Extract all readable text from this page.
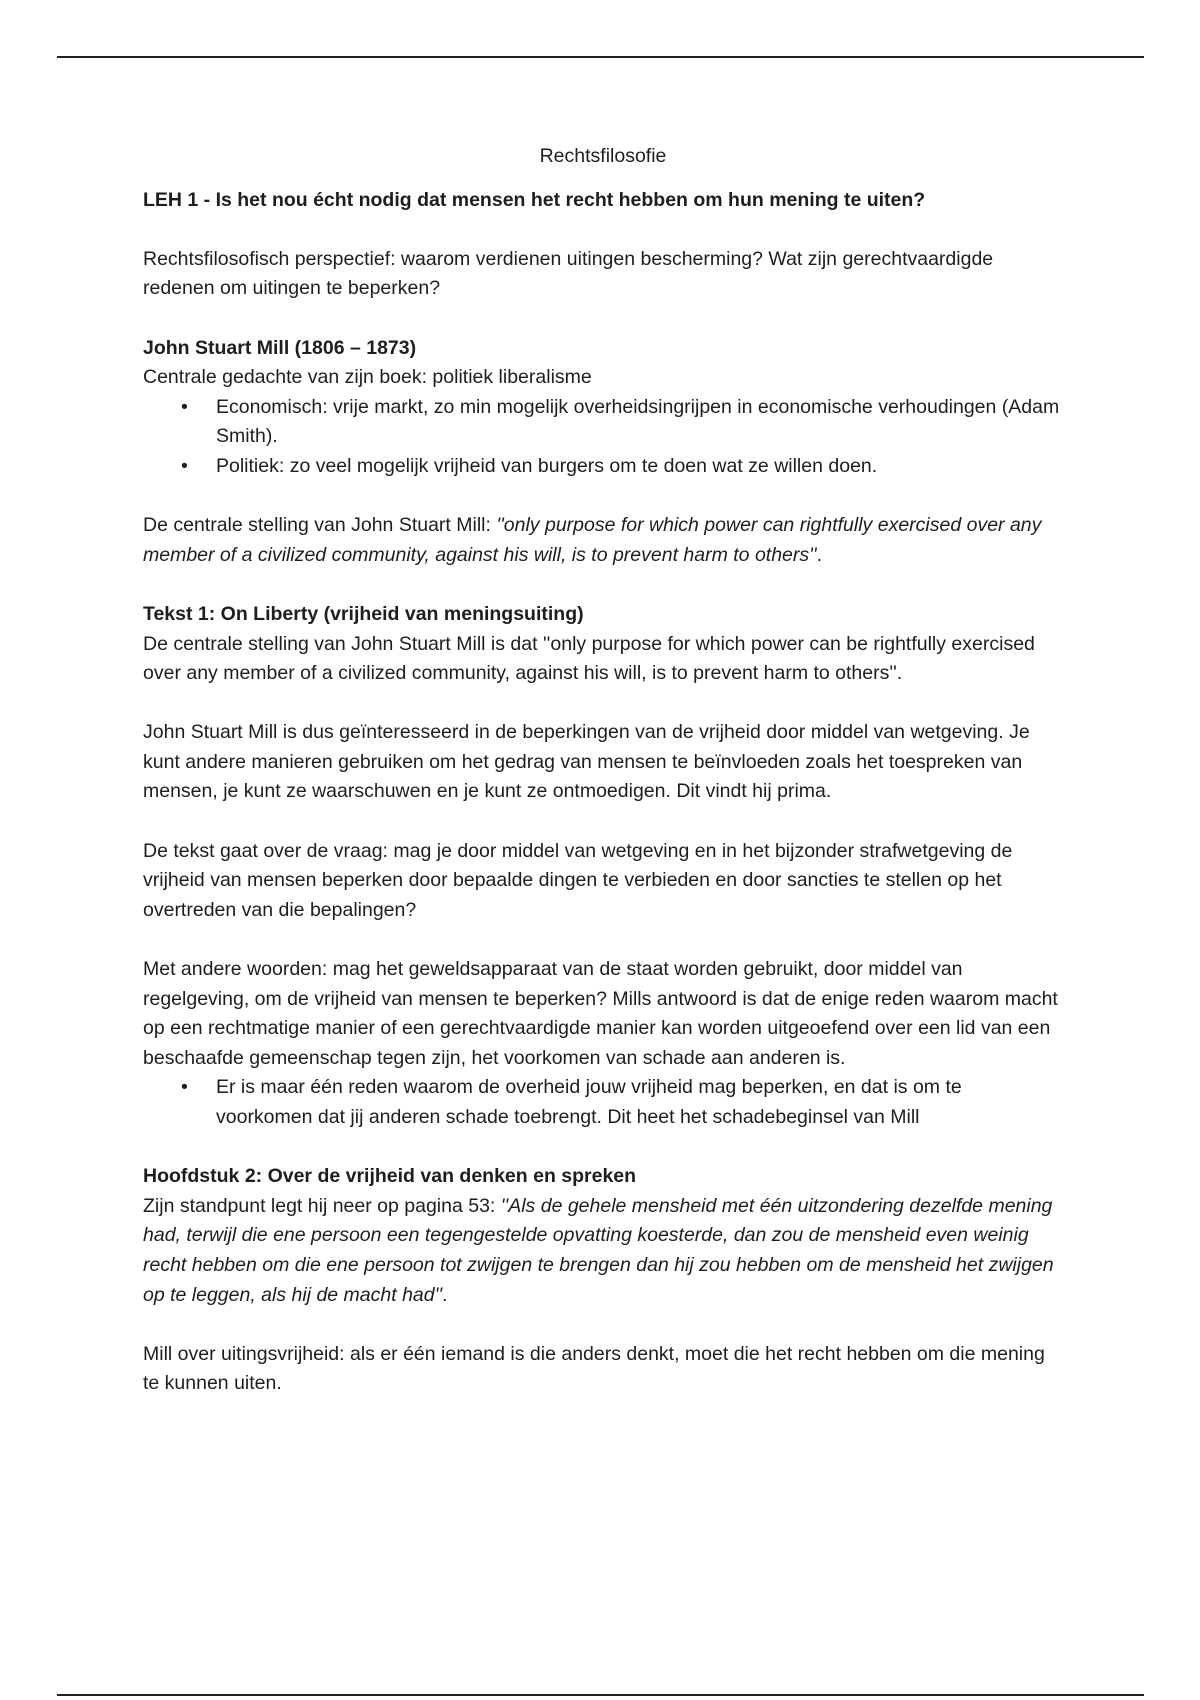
Rechtsfilosofie

LEH 1 - Is het nou écht nodig dat mensen het recht hebben om hun mening te uiten?

Rechtsfilosofisch perspectief: waarom verdienen uitingen bescherming? Wat zijn gerechtvaardigde redenen om uitingen te beperken?

John Stuart Mill (1806 – 1873)

Centrale gedachte van zijn boek: politiek liberalisme

• Economisch: vrije markt, zo min mogelijk overheidsingrijpen in economische verhoudingen (Adam Smith).
• Politiek: zo veel mogelijk vrijheid van burgers om te doen wat ze willen doen.

De centrale stelling van John Stuart Mill: ''only purpose for which power can rightfully exercised over any member of a civilized community, against his will, is to prevent harm to others''.

Tekst 1: On Liberty (vrijheid van meningsuiting)

De centrale stelling van John Stuart Mill is dat ''only purpose for which power can be rightfully exercised over any member of a civilized community, against his will, is to prevent harm to others''.

John Stuart Mill is dus geïnteresseerd in de beperkingen van de vrijheid door middel van wetgeving. Je kunt andere manieren gebruiken om het gedrag van mensen te beïnvloeden zoals het toespreken van mensen, je kunt ze waarschuwen en je kunt ze ontmoedigen. Dit vindt hij prima.

De tekst gaat over de vraag: mag je door middel van wetgeving en in het bijzonder strafwetgeving de vrijheid van mensen beperken door bepaalde dingen te verbieden en door sancties te stellen op het overtreden van die bepalingen?

Met andere woorden: mag het geweldsapparaat van de staat worden gebruikt, door middel van regelgeving, om de vrijheid van mensen te beperken? Mills antwoord is dat de enige reden waarom macht op een rechtmatige manier of een gerechtvaardigde manier kan worden uitgeoefend over een lid van een beschaafde gemeenschap tegen zijn, het voorkomen van schade aan anderen is.

• Er is maar één reden waarom de overheid jouw vrijheid mag beperken, en dat is om te voorkomen dat jij anderen schade toebrengt. Dit heet het schadebeginsel van Mill

Hoofdstuk 2: Over de vrijheid van denken en spreken

Zijn standpunt legt hij neer op pagina 53: ''Als de gehele mensheid met één uitzondering dezelfde mening had, terwijl die ene persoon een tegengestelde opvatting koesterde, dan zou de mensheid even weinig recht hebben om die ene persoon tot zwijgen te brengen dan hij zou hebben om de mensheid het zwijgen op te leggen, als hij de macht had''.

Mill over uitingsvrijheid: als er één iemand is die anders denkt, moet die het recht hebben om die mening te kunnen uiten.
